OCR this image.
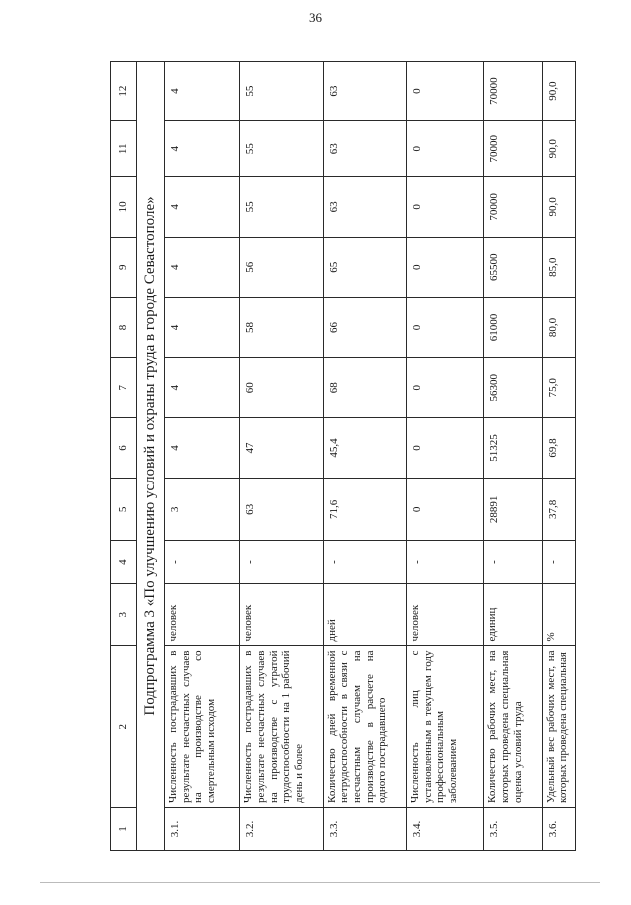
36
1	2	3	4	5	6	7	8	9	10	11	12
Подпрограмма 3 «По улучшению условий и охраны труда в городе Севастополе»											
3.1.	Численность пострадавших в результате несчастных случаев на производстве со смертельным исходом	человек	-	3	4	4	4	4	4	4	4
3.2.	Численность пострадавших в результате несчастных случаев на производстве с утратой трудоспособности на 1 рабочий день и более	человек	-	63	47	60	58	56	55	55	55
3.3.	Количество дней временной нетрудоспособности в связи с несчастным случаем на производстве в расчете на одного пострадавшего	дней	-	71,6	45,4	68	66	65	63	63	63
3.4.	Численность лиц с установленным в текущем году профессиональным заболеванием	человек	-	0	0	0	0	0	0	0	0
3.5.	Количество рабочих мест, на которых проведена специальная оценка условий труда	единиц	-	28891	51325	56300	61000	65500	70000	70000	70000
3.6.	Удельный вес рабочих мест, на которых проведена специальная	%	-	37,8	69,8	75,0	80,0	85,0	90,0	90,0	90,0
